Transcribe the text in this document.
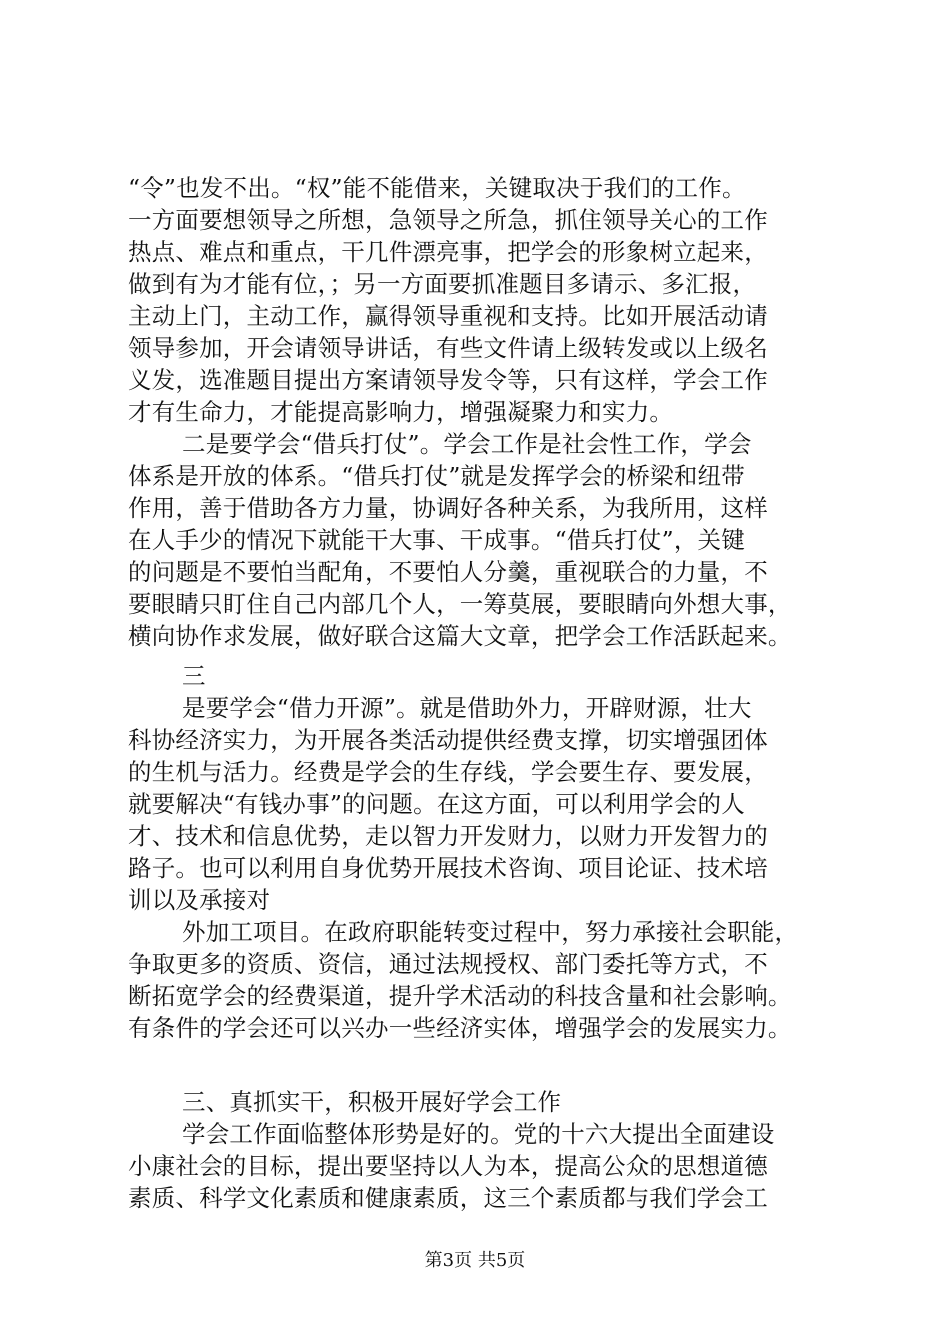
“令”也发不出。“权”能不能借来，关键取决于我们的工作。
一方面要想领导之所想，急领导之所急，抓住领导关心的工作
热点、难点和重点，干几件漂亮事，把学会的形象树立起来，
做到有为才能有位，；另一方面要抓准题目多请示、多汇报，
主动上门，主动工作，赢得领导重视和支持。比如开展活动请
领导参加，开会请领导讲话，有些文件请上级转发或以上级名
义发，选准题目提出方案请领导发令等，只有这样，学会工作
才有生命力，才能提高影响力，增强凝聚力和实力。
二是要学会“借兵打仗”。学会工作是社会性工作，学会
体系是开放的体系。“借兵打仗”就是发挥学会的桥梁和纽带
作用，善于借助各方力量，协调好各种关系，为我所用，这样
在人手少的情况下就能干大事、干成事。“借兵打仗”，关键
的问题是不要怕当配角，不要怕人分羹，重视联合的力量，不
要眼睛只盯住自己内部几个人，一筹莫展，要眼睛向外想大事，
横向协作求发展，做好联合这篇大文章，把学会工作活跃起来。
三
是要学会“借力开源”。就是借助外力，开辟财源，壮大
科协经济实力，为开展各类活动提供经费支撑，切实增强团体
的生机与活力。经费是学会的生存线，学会要生存、要发展，
就要解决“有钱办事”的问题。在这方面，可以利用学会的人
才、技术和信息优势，走以智力开发财力，以财力开发智力的
路子。也可以利用自身优势开展技术咨询、项目论证、技术培
训以及承接对
外加工项目。在政府职能转变过程中，努力承接社会职能，
争取更多的资质、资信，通过法规授权、部门委托等方式，不
断拓宽学会的经费渠道，提升学术活动的科技含量和社会影响。
有条件的学会还可以兴办一些经济实体，增强学会的发展实力。
三、真抓实干，积极开展好学会工作
学会工作面临整体形势是好的。党的十六大提出全面建设
小康社会的目标，提出要坚持以人为本，提高公众的思想道德
素质、科学文化素质和健康素质，这三个素质都与我们学会工
第3页 共5页
